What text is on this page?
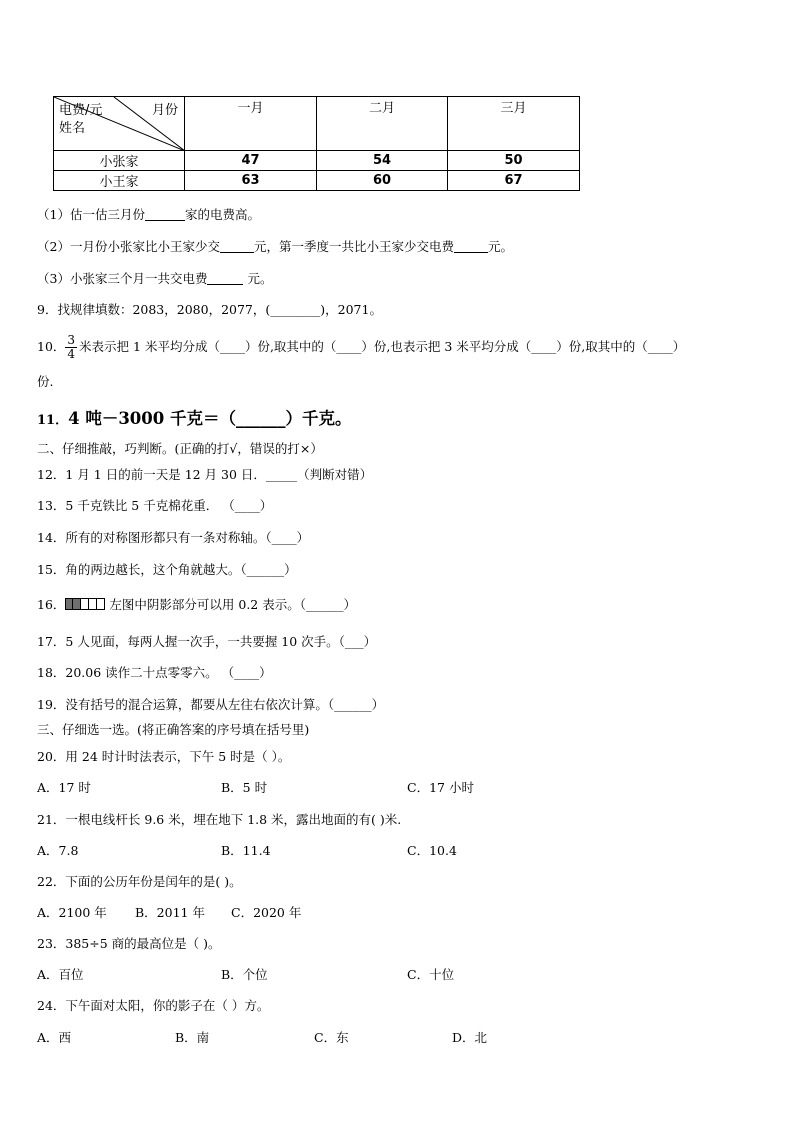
电费/元 月份
姓名	一月	二月	三月
小张家	47	54	50
小王家	63	60	67
（1）估一估三月份	家的电费高。
（2）一月份小张家比小王家少交	元，第一季度一共比小王家少交电费	元。
（3）小张家三个月一共交电费	元。
9．找规律填数：2083，2080，2077，(________)，2071。
10． $\frac{3}{4}$ 米表示把 1 米平均分成（____）份,取其中的（____）份,也表示把 3 米平均分成（____）份,取其中的（____）
份.
11．4 吨－3000 千克＝（______）千克。
二、仔细推敲，巧判断。(正确的打√，错误的打×）
12．1 月 1 日的前一天是 12 月 30 日．_____（判断对错）
13．5 千克铁比 5 千克棉花重． （____）
14．所有的对称图形都只有一条对称轴。（____）
15．角的两边越长，这个角就越大。（______）
16．	左图中阴影部分可以用 0.2 表示。（______）
17．5 人见面，每两人握一次手，一共要握 10 次手。（___）
18．20.06 读作二十点零零六。 （____）
19．没有括号的混合运算，都要从左往右依次计算。（______）
三、仔细选一选。(将正确答案的序号填在括号里)
20．用 24 时计时法表示，下午 5 时是（ ）。
A．17 时	B．5 时	C．17 小时
21．一根电线杆长 9.6 米，埋在地下 1.8 米，露出地面的有( )米.
A．7.8	B．11.4	C．10.4
22．下面的公历年份是闰年的是( )。
A．2100 年 B．2011 年 C．2020 年
23．385÷5 商的最高位是（ )。
A．百位	B．个位	C．十位
24．下午面对太阳，你的影子在（ ）方。
A．西	B．南	C．东	D．北
